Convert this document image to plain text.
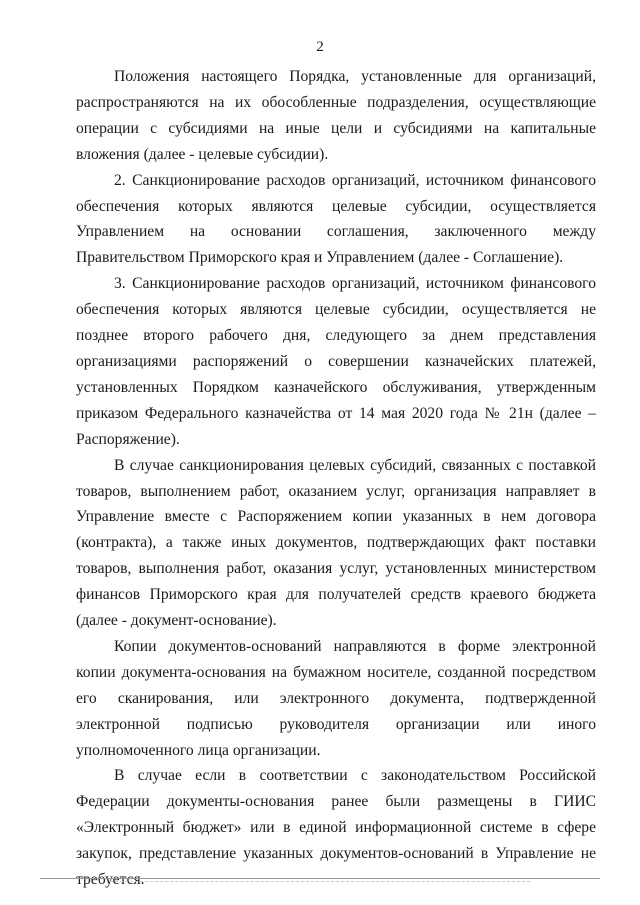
2

Положения настоящего Порядка, установленные для организаций, распространяются на их обособленные подразделения, осуществляющие операции с субсидиями на иные цели и субсидиями на капитальные вложения (далее - целевые субсидии).

2. Санкционирование расходов организаций, источником финансового обеспечения которых являются целевые субсидии, осуществляется Управлением на основании соглашения, заключенного между Правительством Приморского края и Управлением (далее - Соглашение).

3. Санкционирование расходов организаций, источником финансового обеспечения которых являются целевые субсидии, осуществляется не позднее второго рабочего дня, следующего за днем представления организациями распоряжений о совершении казначейских платежей, установленных Порядком казначейского обслуживания, утвержденным приказом Федерального казначейства от 14 мая 2020 года № 21н (далее – Распоряжение).

В случае санкционирования целевых субсидий, связанных с поставкой товаров, выполнением работ, оказанием услуг, организация направляет в Управление вместе с Распоряжением копии указанных в нем договора (контракта), а также иных документов, подтверждающих факт поставки товаров, выполнения работ, оказания услуг, установленных министерством финансов Приморского края для получателей средств краевого бюджета (далее - документ-основание).

Копии документов-оснований направляются в форме электронной копии документа-основания на бумажном носителе, созданной посредством его сканирования, или электронного документа, подтвержденной электронной подписью руководителя организации или иного уполномоченного лица организации.

В случае если в соответствии с законодательством Российской Федерации документы-основания ранее были размещены в ГИИС «Электронный бюджет» или в единой информационной системе в сфере закупок, представление указанных документов-оснований в Управление не требуется.
